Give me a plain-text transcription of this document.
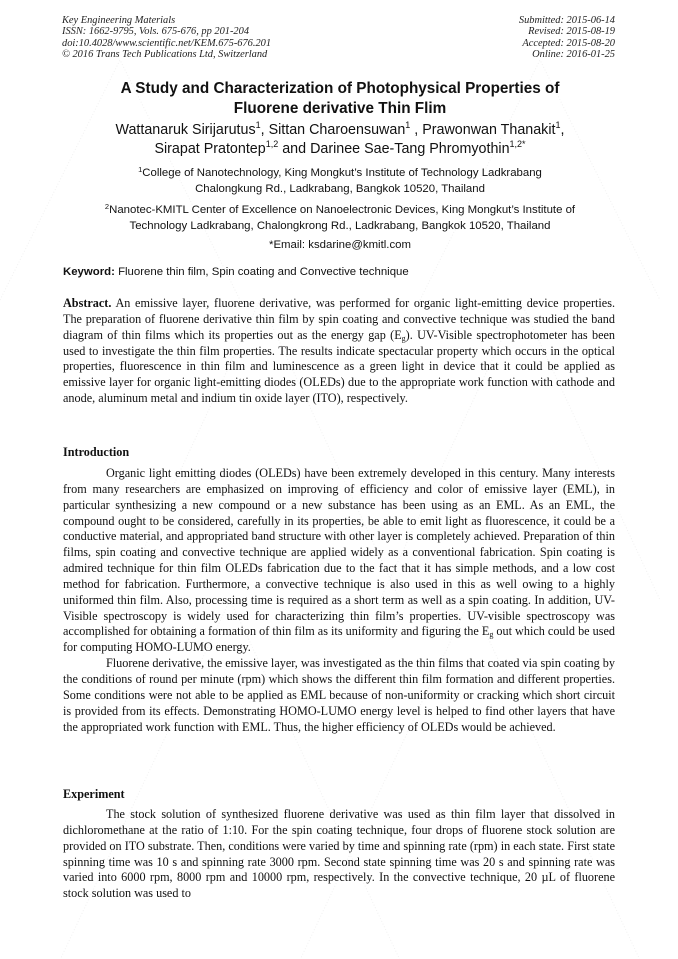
Key Engineering Materials
ISSN: 1662-9795, Vols. 675-676, pp 201-204
doi:10.4028/www.scientific.net/KEM.675-676.201
© 2016 Trans Tech Publications Ltd, Switzerland
Submitted: 2015-06-14
Revised: 2015-08-19
Accepted: 2015-08-20
Online: 2016-01-25
A Study and Characterization of Photophysical Properties of
Fluorene derivative Thin Flim
Wattanaruk Sirijarutus$^1$, Sittan Charoensuwan$^1$ , Prawonwan Thanakit$^1$,
Sirapat Pratontep$^{1,2}$ and Darinee Sae-Tang Phromyothin$^{1,2*}$
$^1$College of Nanotechnology, King Mongkut’s Institute of Technology Ladkrabang
Chalongkung Rd., Ladkrabang, Bangkok 10520, Thailand
$^2$Nanotec-KMITL Center of Excellence on Nanoelectronic Devices, King Mongkut’s Institute of
Technology Ladkrabang, Chalongkrong Rd., Ladkrabang, Bangkok 10520, Thailand
*Email: ksdarine@kmitl.com
Keyword: Fluorene thin film, Spin coating and Convective technique

Abstract. An emissive layer, fluorene derivative, was performed for organic light-emitting device properties. The preparation of fluorene derivative thin film by spin coating and convective technique was studied the band diagram of thin films which its properties out as the energy gap $(E_g)$. UV-Visible spectrophotometer has been used to investigate the thin film properties. The results indicate spectacular property which occurs in the optical properties, fluorescence in thin film and luminescence as a green light in device that it could be applied as emissive layer for organic light-emitting diodes (OLEDs) due to the appropriate work function with cathode and anode, aluminum metal and indium tin oxide layer (ITO), respectively.

Introduction

Organic light emitting diodes (OLEDs) have been extremely developed in this century. Many interests from many researchers are emphasized on improving of efficiency and color of emissive layer (EML), in particular synthesizing a new compound or a new substance has been using as an EML. As an EML, the compound ought to be considered, carefully in its properties, be able to emit light as fluorescence, it could be a conductive material, and appropriated band structure with other layer is completely achieved. Preparation of thin films, spin coating and convective technique are applied widely as a conventional fabrication. Spin coating is admired technique for thin film OLEDs fabrication due to the fact that it has simple methods, and a low cost method for fabrication. Furthermore, a convective technique is also used in this as well owing to a highly uniformed thin film. Also, processing time is required as a short term as well as a spin coating. In addition, UV-Visible spectroscopy is widely used for characterizing thin film’s properties. UV-visible spectroscopy was accomplished for obtaining a formation of thin film as its uniformity and figuring the $E_g$ out which could be used for computing HOMO-LUMO energy.

Fluorene derivative, the emissive layer, was investigated as the thin films that coated via spin coating by the conditions of round per minute (rpm) which shows the different thin film formation and different properties. Some conditions were not able to be applied as EML because of non-uniformity or cracking which short circuit is provided from its effects. Demonstrating HOMO-LUMO energy level is helped to find other layers that have the appropriated work function with EML. Thus, the higher efficiency of OLEDs would be achieved.

Experiment

The stock solution of synthesized fluorene derivative was used as thin film layer that dissolved in dichloromethane at the ratio of 1:10. For the spin coating technique, four drops of fluorene stock solution are provided on ITO substrate. Then, conditions were varied by time and spinning rate (rpm) in each state. First state spinning time was 10 s and spinning rate 3000 rpm. Second state spinning time was 20 s and spinning rate was varied into 6000 rpm, 8000 rpm and 10000 rpm, respectively. In the convective technique, 20 µL of fluorene stock solution was used to
